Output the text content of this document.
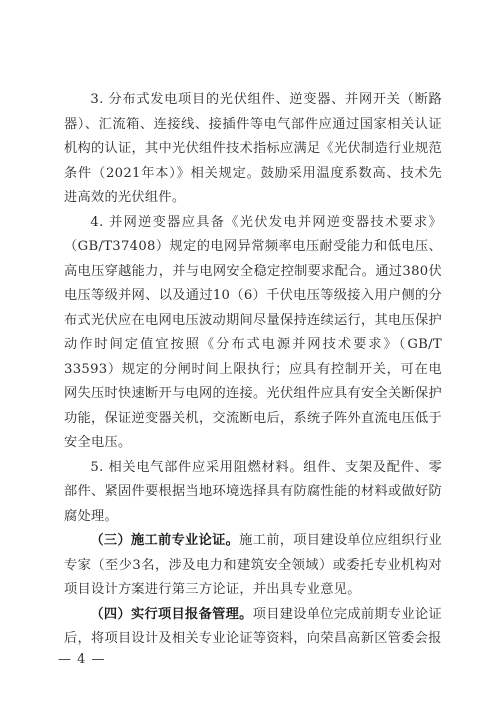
3. 分布式发电项目的光伏组件、逆变器、并网开关（断路器）、汇流箱、连接线、接插件等电气部件应通过国家相关认证机构的认证，其中光伏组件技术指标应满足《光伏制造行业规范条件（2021年本）》相关规定。鼓励采用温度系数高、技术先进高效的光伏组件。

4. 并网逆变器应具备《光伏发电并网逆变器技术要求》（GB/T37408）规定的电网异常频率电压耐受能力和低电压、高电压穿越能力，并与电网安全稳定控制要求配合。通过380伏电压等级并网、以及通过10（6）千伏电压等级接入用户侧的分布式光伏应在电网电压波动期间尽量保持连续运行，其电压保护动作时间定值宜按照《分布式电源并网技术要求》（GB/T 33593）规定的分闸时间上限执行；应具有控制开关，可在电网失压时快速断开与电网的连接。光伏组件应具有安全关断保护功能，保证逆变器关机，交流断电后，系统子阵外直流电压低于安全电压。

5. 相关电气部件应采用阻燃材料。组件、支架及配件、零部件、紧固件要根据当地环境选择具有防腐性能的材料或做好防腐处理。

（三）施工前专业论证。施工前，项目建设单位应组织行业专家（至少3名，涉及电力和建筑安全领域）或委托专业机构对项目设计方案进行第三方论证，并出具专业意见。

（四）实行项目报备管理。项目建设单位完成前期专业论证后，将项目设计及相关专业论证等资料，向荣昌高新区管委会报

— 4 —
